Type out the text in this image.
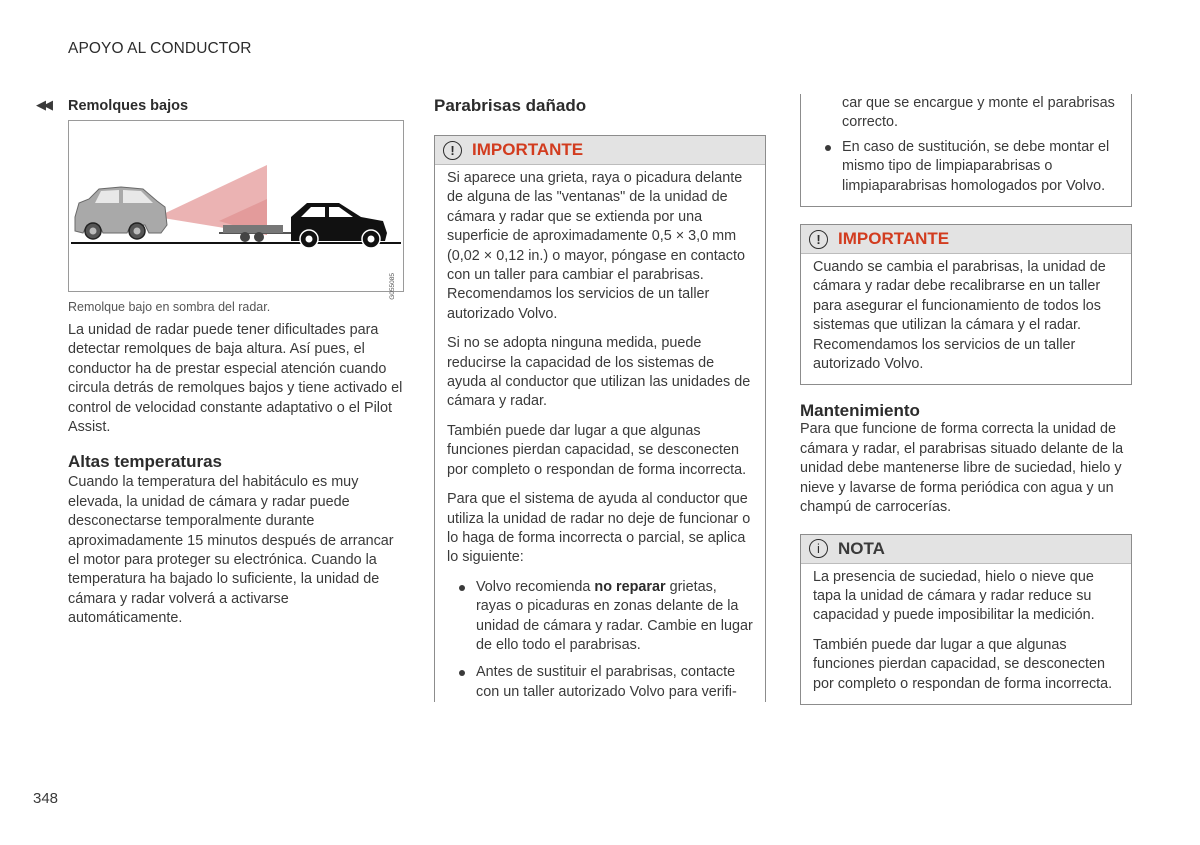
APOYO AL CONDUCTOR
◀◀ Remolques bajos
G055085
Remolque bajo en sombra del radar.

La unidad de radar puede tener dificultades para detectar remolques de baja altura. Así pues, el conductor ha de prestar especial atención cuando circula detrás de remolques bajos y tiene activado el control de velocidad constante adaptativo o el Pilot Assist.

Altas temperaturas

Cuando la temperatura del habitáculo es muy elevada, la unidad de cámara y radar puede desconectarse temporalmente durante aproximadamente 15 minutos después de arrancar el motor para proteger su electrónica. Cuando la temperatura ha bajado lo suficiente, la unidad de cámara y radar volverá a activarse automáticamente.

Parabrisas dañado
!	IMPORTANTE

Si aparece una grieta, raya o picadura delante de alguna de las "ventanas" de la unidad de cámara y radar que se extienda por una superficie de aproximadamente 0,5 × 3,0 mm (0,02 × 0,12 in.) o mayor, póngase en contacto con un taller para cambiar el parabrisas. Recomendamos los servicios de un taller autorizado Volvo.

Si no se adopta ninguna medida, puede reducirse la capacidad de los sistemas de ayuda al conductor que utilizan las unidades de cámara y radar.

También puede dar lugar a que algunas funciones pierdan capacidad, se desconecten por completo o respondan de forma incorrecta.

Para que el sistema de ayuda al conductor que utiliza la unidad de radar no deje de funcionar o lo haga de forma incorrecta o parcial, se aplica lo siguiente:

Volvo recomienda no reparar grietas, rayas o picaduras en zonas delante de la unidad de cámara y radar. Cambie en lugar de ello todo el parabrisas.
Antes de sustituir el parabrisas, contacte con un taller autorizado Volvo para verifi-

car que se encargue y monte el parabrisas correcto.

En caso de sustitución, se debe montar el mismo tipo de limpiaparabrisas o limpiaparabrisas homologados por Volvo.
!	IMPORTANTE

Cuando se cambia el parabrisas, la unidad de cámara y radar debe recalibrarse en un taller para asegurar el funcionamiento de todos los sistemas que utilizan la cámara y el radar. Recomendamos los servicios de un taller autorizado Volvo.

Mantenimiento

Para que funcione de forma correcta la unidad de cámara y radar, el parabrisas situado delante de la unidad debe mantenerse libre de suciedad, hielo y nieve y lavarse de forma periódica con agua y un champú de carrocerías.

i	NOTA

La presencia de suciedad, hielo o nieve que tapa la unidad de cámara y radar reduce su capacidad y puede imposibilitar la medición.

También puede dar lugar a que algunas funciones pierdan capacidad, se desconecten por completo o respondan de forma incorrecta.

348
